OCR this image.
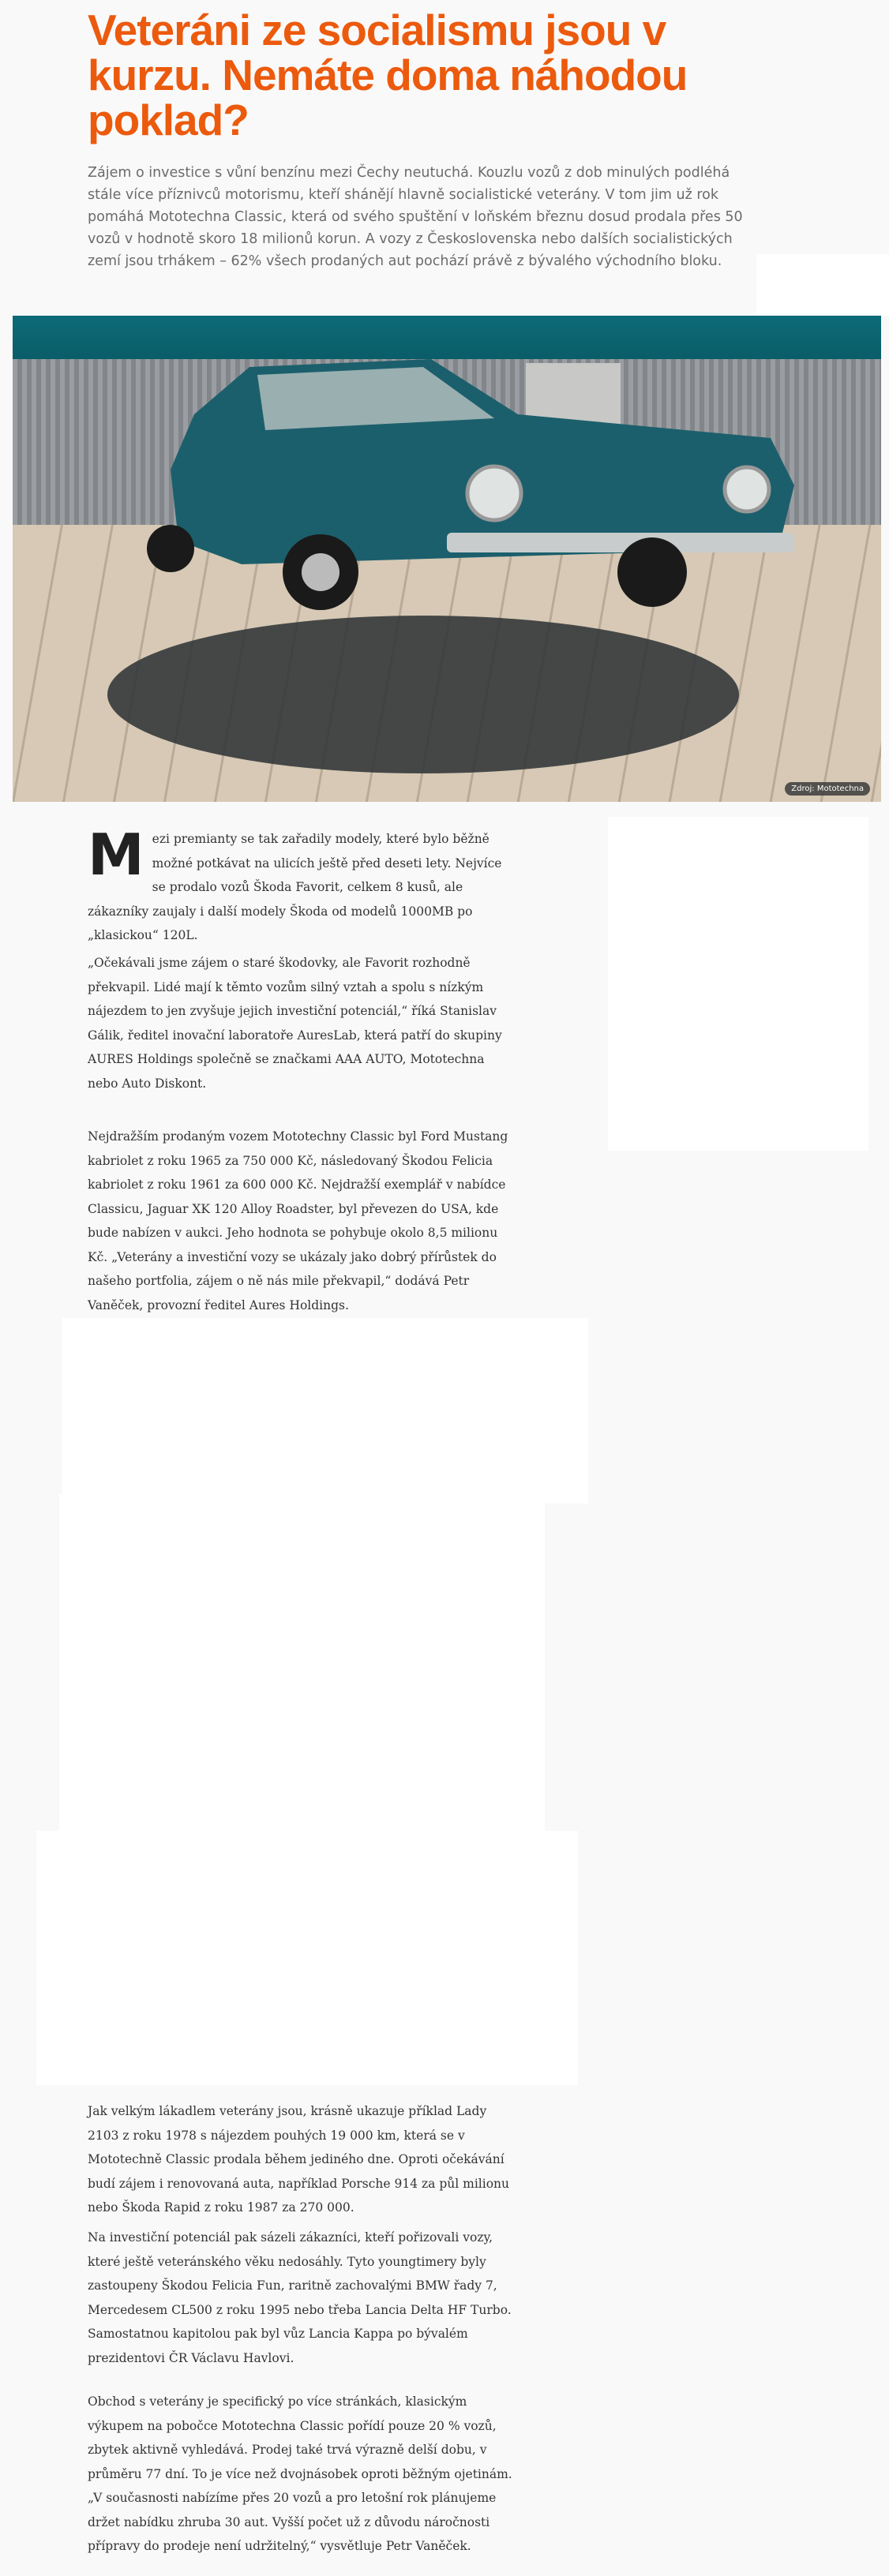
Veteráni ze socialismu jsou v kurzu. Nemáte doma náhodou poklad?

Zájem o investice s vůní benzínu mezi Čechy neutuchá. Kouzlu vozů z dob minulých podléhá stále více příznivců motorismu, kteří shánějí hlavně socialistické veterány. V tom jim už rok pomáhá Mototechna Classic, která od svého spuštění v loňském březnu dosud prodala přes 50 vozů v hodnotě skoro 18 milionů korun. A vozy z Československa nebo dalších socialistických zemí jsou trhákem – 62% všech prodaných aut pochází právě z bývalého východního bloku.

Zdroj: Mototechna
Mezi premianty se tak zařadily modely, které bylo běžně možné potkávat na ulicích ještě před deseti lety. Nejvíce se prodalo vozů Škoda Favorit, celkem 8 kusů, ale zákazníky zaujaly i další modely Škoda od modelů 1000MB po „klasickou“ 120L.

„Očekávali jsme zájem o staré škodovky, ale Favorit rozhodně překvapil. Lidé mají k těmto vozům silný vztah a spolu s nízkým nájezdem to jen zvyšuje jejich investiční potenciál,“ říká Stanislav Gálik, ředitel inovační laboratoře AuresLab, která patří do skupiny AURES Holdings společně se značkami AAA AUTO, Mototechna nebo Auto Diskont.

Nejdražším prodaným vozem Mototechny Classic byl Ford Mustang kabriolet z roku 1965 za 750 000 Kč, následovaný Škodou Felicia kabriolet z roku 1961 za 600 000 Kč. Nejdražší exemplář v nabídce Classicu, Jaguar XK 120 Alloy Roadster, byl převezen do USA, kde bude nabízen v aukci. Jeho hodnota se pohybuje okolo 8,5 milionu Kč. „Veterány a investiční vozy se ukázaly jako dobrý přírůstek do našeho portfolia, zájem o ně nás mile překvapil,“ dodává Petr Vaněček, provozní ředitel Aures Holdings.

Jak velkým lákadlem veterány jsou, krásně ukazuje příklad Lady 2103 z roku 1978 s nájezdem pouhých 19 000 km, která se v Mototechně Classic prodala během jediného dne. Oproti očekávání budí zájem i renovovaná auta, například Porsche 914 za půl milionu nebo Škoda Rapid z roku 1987 za 270 000.

Na investiční potenciál pak sázeli zákazníci, kteří pořizovali vozy, které ještě veteránského věku nedosáhly. Tyto youngtimery byly zastoupeny Škodou Felicia Fun, raritně zachovalými BMW řady 7, Mercedesem CL500 z roku 1995 nebo třeba Lancia Delta HF Turbo. Samostatnou kapitolou pak byl vůz Lancia Kappa po bývalém prezidentovi ČR Václavu Havlovi.

Obchod s veterány je specifický po více stránkách, klasickým výkupem na pobočce Mototechna Classic pořídí pouze 20 % vozů, zbytek aktivně vyhledává. Prodej také trvá výrazně delší dobu, v průměru 77 dní. To je více než dvojnásobek oproti běžným ojetinám. „V současnosti nabízíme přes 20 vozů a pro letošní rok plánujeme držet nabídku zhruba 30 aut. Vyšší počet už z důvodu náročnosti přípravy do prodeje není udržitelný,“ vysvětluje Petr Vaněček.
